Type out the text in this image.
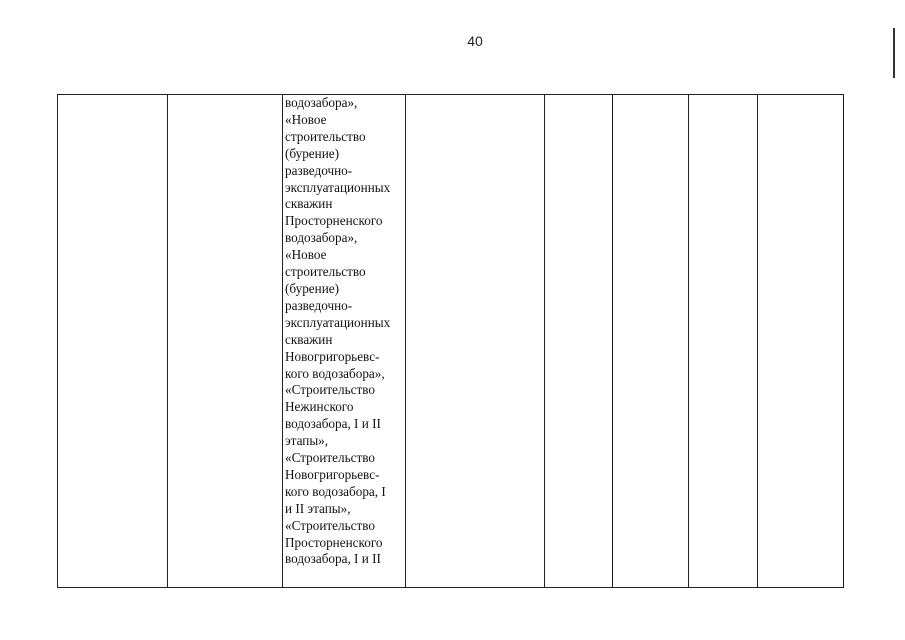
40

водозабора»,
«Новое
строительство
(бурение)
разведочно-
эксплуатационных
скважин
Просторненского
водозабора»,
«Новое
строительство
(бурение)
разведочно-
эксплуатационных
скважин
Новогригорьевс-
кого водозабора»,
«Строительство
Нежинского
водозабора, I и II
этапы»,
«Строительство
Новогригорьевс-
кого водозабора, I
и II этапы»,
«Строительство
Просторненского
водозабора, I и II
